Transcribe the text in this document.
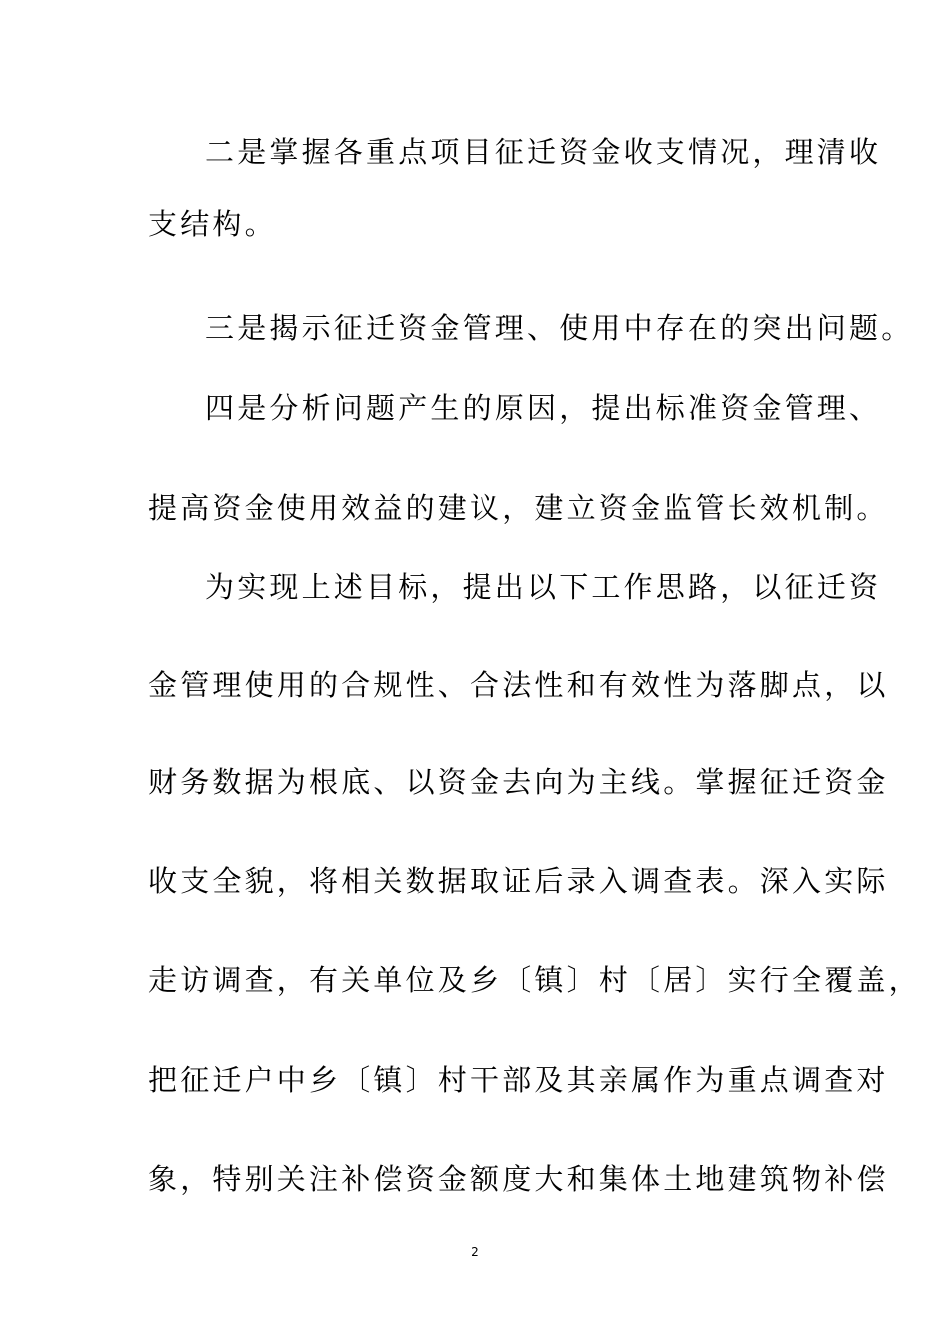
二是掌握各重点项目征迁资金收支情况，理清收
支结构。
三是揭示征迁资金管理、使用中存在的突出问题。
四是分析问题产生的原因，提出标准资金管理、
提高资金使用效益的建议，建立资金监管长效机制。
为实现上述目标，提出以下工作思路，以征迁资
金管理使用的合规性、合法性和有效性为落脚点，以
财务数据为根底、以资金去向为主线。掌握征迁资金
收支全貌，将相关数据取证后录入调查表。深入实际
走访调查，有关单位及乡〔镇〕村〔居〕实行全覆盖，
把征迁户中乡〔镇〕村干部及其亲属作为重点调查对
象，特别关注补偿资金额度大和集体土地建筑物补偿
2
